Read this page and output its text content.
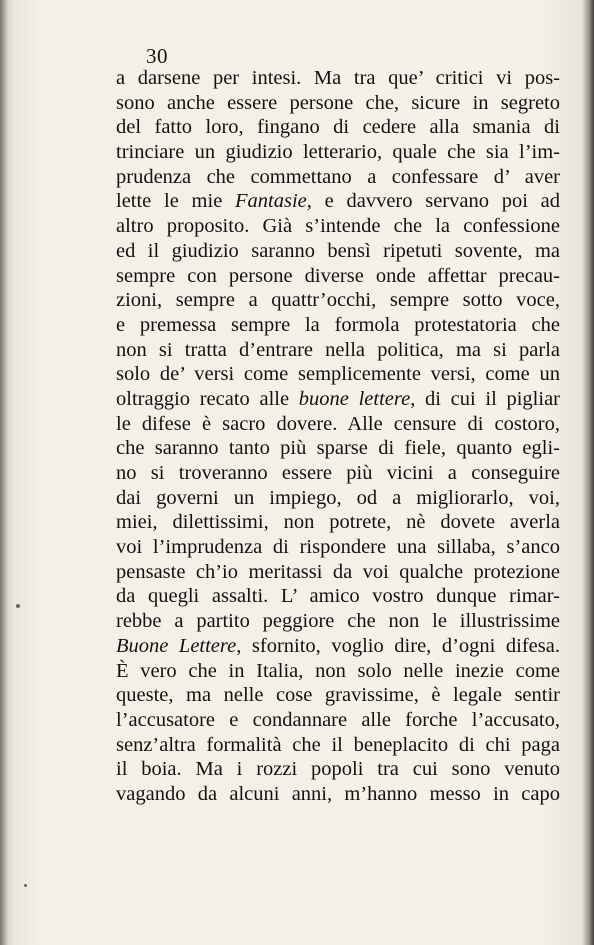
30
a darsene per intesi. Ma tra que’ critici vi pos-
sono anche essere persone che, sicure in segreto
del fatto loro, fingano di cedere alla smania di
trinciare un giudizio letterario, quale che sia l’im-
prudenza che commettano a confessare d’ aver
lette le mie Fantasie, e davvero servano poi ad
altro proposito. Già s’intende che la confessione
ed il giudizio saranno bensì ripetuti sovente, ma
sempre con persone diverse onde affettar precau-
zioni, sempre a quattr’occhi, sempre sotto voce,
e premessa sempre la formola protestatoria che
non si tratta d’entrare nella politica, ma si parla
solo de’ versi come semplicemente versi, come un
oltraggio recato alle buone lettere, di cui il pigliar
le difese è sacro dovere. Alle censure di costoro,
che saranno tanto più sparse di fiele, quanto egli-
no si troveranno essere più vicini a conseguire
dai governi un impiego, od a migliorarlo, voi,
miei, dilettissimi, non potrete, nè dovete averla
voi l’imprudenza di rispondere una sillaba, s’anco
pensaste ch’io meritassi da voi qualche protezione
da quegli assalti. L’ amico vostro dunque rimar-
rebbe a partito peggiore che non le illustrissime
Buone Lettere, sfornito, voglio dire, d’ogni difesa.
È vero che in Italia, non solo nelle inezie come
queste, ma nelle cose gravissime, è legale sentir
l’accusatore e condannare alle forche l’accusato,
senz’altra formalità che il beneplacito di chi paga
il boia. Ma i rozzi popoli tra cui sono venuto
vagando da alcuni anni, m’hanno messo in capo
